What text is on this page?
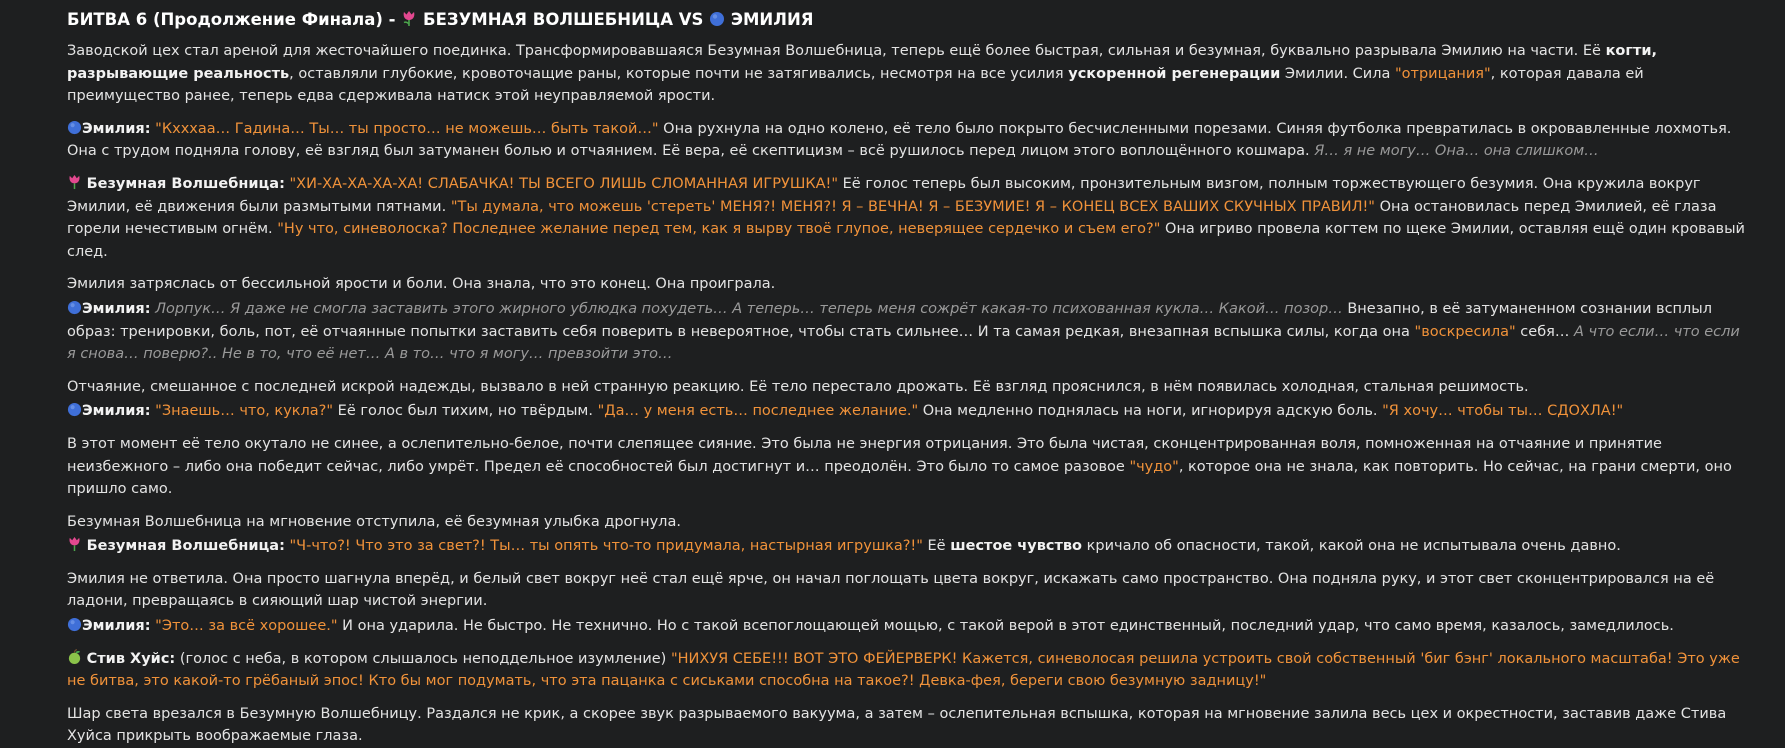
БИТВА 6 (Продолжение Финала) -  БЕЗУМНАЯ ВОЛШЕБНИЦА VS  ЭМИЛИЯ

Заводской цех стал ареной для жесточайшего поединка. Трансформировавшаяся Безумная Волшебница, теперь ещё более быстрая, сильная и безумная, буквально разрывала Эмилию на части. Её когти, разрывающие реальность, оставляли глубокие, кровоточащие раны, которые почти не затягивались, несмотря на все усилия ускоренной регенерации Эмилии. Сила "отрицания", которая давала ей преимущество ранее, теперь едва сдерживала натиск этой неуправляемой ярости.

Эмилия: "Кхххаа… Гадина… Ты… ты просто… не можешь… быть такой…" Она рухнула на одно колено, её тело было покрыто бесчисленными порезами. Синяя футболка превратилась в окровавленные лохмотья. Она с трудом подняла голову, её взгляд был затуманен болью и отчаянием. Её вера, её скептицизм – всё рушилось перед лицом этого воплощённого кошмара. Я… я не могу… Она… она слишком…

Безумная Волшебница: "ХИ-ХА-ХА-ХА-ХА! СЛАБАЧКА! ТЫ ВСЕГО ЛИШЬ СЛОМАННАЯ ИГРУШКА!" Её голос теперь был высоким, пронзительным визгом, полным торжествующего безумия. Она кружила вокруг Эмилии, её движения были размытыми пятнами. "Ты думала, что можешь 'стереть' МЕНЯ?! МЕНЯ?! Я – ВЕЧНА! Я – БЕЗУМИЕ! Я – КОНЕЦ ВСЕХ ВАШИХ СКУЧНЫХ ПРАВИЛ!" Она остановилась перед Эмилией, её глаза горели нечестивым огнём. "Ну что, синеволоска? Последнее желание перед тем, как я вырву твоё глупое, неверящее сердечко и съем его?" Она игриво провела когтем по щеке Эмилии, оставляя ещё один кровавый след.

Эмилия затряслась от бессильной ярости и боли. Она знала, что это конец. Она проиграла.

Эмилия: Лорпук… Я даже не смогла заставить этого жирного ублюдка похудеть… А теперь… теперь меня сожрёт какая-то психованная кукла… Какой… позор… Внезапно, в её затуманенном сознании всплыл образ: тренировки, боль, пот, её отчаянные попытки заставить себя поверить в невероятное, чтобы стать сильнее… И та самая редкая, внезапная вспышка силы, когда она "воскресила" себя… А что если… что если я снова… поверю?.. Не в то, что её нет… А в то… что я могу… превзойти это…

Отчаяние, смешанное с последней искрой надежды, вызвало в ней странную реакцию. Её тело перестало дрожать. Её взгляд прояснился, в нём появилась холодная, стальная решимость.

Эмилия: "Знаешь… что, кукла?" Её голос был тихим, но твёрдым. "Да… у меня есть… последнее желание." Она медленно поднялась на ноги, игнорируя адскую боль. "Я хочу… чтобы ты… СДОХЛА!"

В этот момент её тело окутало не синее, а ослепительно-белое, почти слепящее сияние. Это была не энергия отрицания. Это была чистая, сконцентрированная воля, помноженная на отчаяние и принятие неизбежного – либо она победит сейчас, либо умрёт. Предел её способностей был достигнут и… преодолён. Это было то самое разовое "чудо", которое она не знала, как повторить. Но сейчас, на грани смерти, оно пришло само.

Безумная Волшебница на мгновение отступила, её безумная улыбка дрогнула.

Безумная Волшебница: "Ч-что?! Что это за свет?! Ты… ты опять что-то придумала, настырная игрушка?!" Её шестое чувство кричало об опасности, такой, какой она не испытывала очень давно.

Эмилия не ответила. Она просто шагнула вперёд, и белый свет вокруг неё стал ещё ярче, он начал поглощать цвета вокруг, искажать само пространство. Она подняла руку, и этот свет сконцентрировался на её ладони, превращаясь в сияющий шар чистой энергии.

Эмилия: "Это… за всё хорошее." И она ударила. Не быстро. Не технично. Но с такой всепоглощающей мощью, с такой верой в этот единственный, последний удар, что само время, казалось, замедлилось.

Стив Хуйс: (голос с неба, в котором слышалось неподдельное изумление) "НИХУЯ СЕБЕ!!! ВОТ ЭТО ФЕЙЕРВЕРК! Кажется, синеволосая решила устроить свой собственный 'биг бэнг' локального масштаба! Это уже не битва, это какой-то грёбаный эпос! Кто бы мог подумать, что эта пацанка с сиськами способна на такое?! Девка-фея, береги свою безумную задницу!"

Шар света врезался в Безумную Волшебницу. Раздался не крик, а скорее звук разрываемого вакуума, а затем – ослепительная вспышка, которая на мгновение залила весь цех и окрестности, заставив даже Стива Хуйса прикрыть воображаемые глаза.
